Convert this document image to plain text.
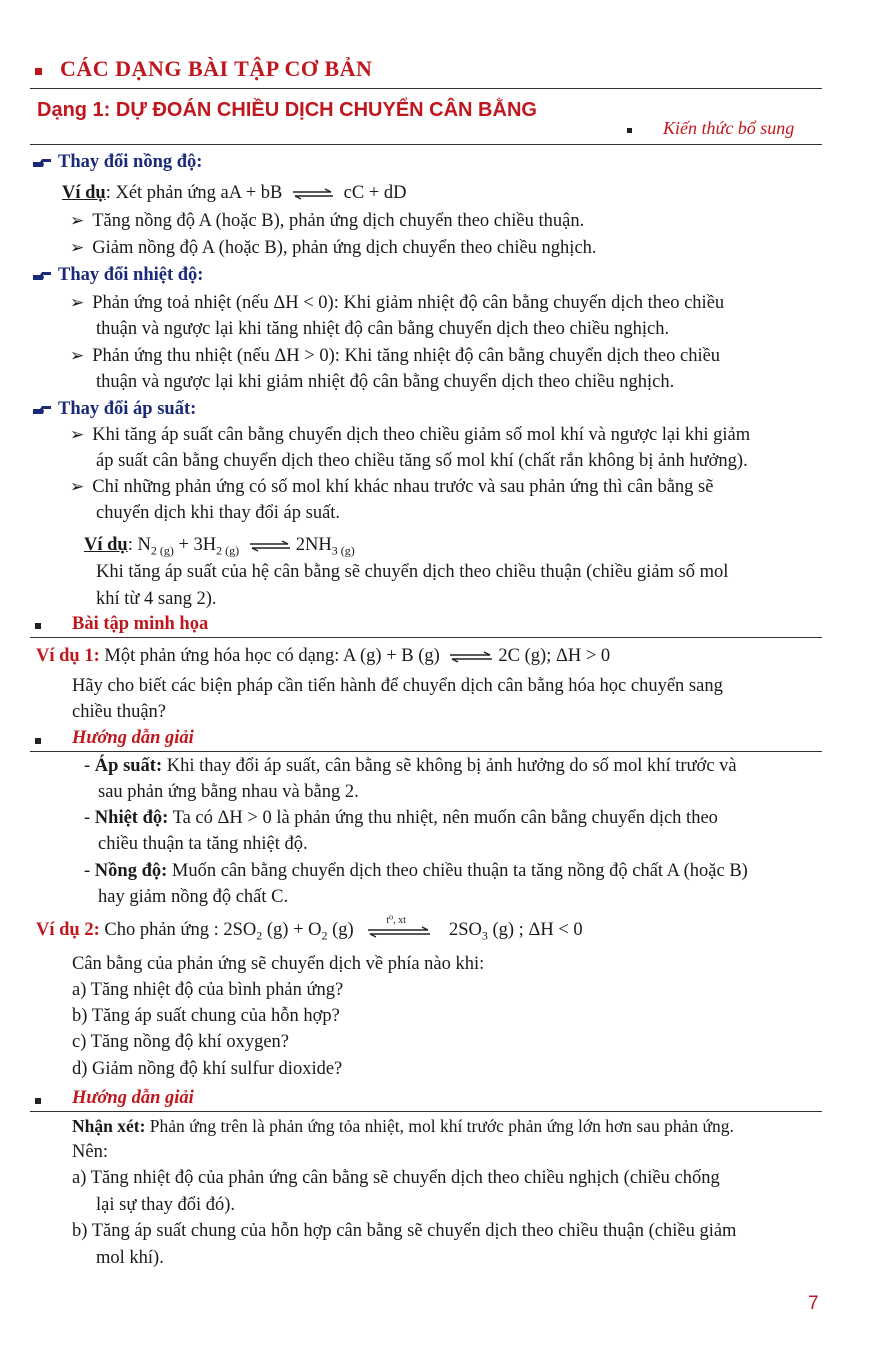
CÁC DẠNG BÀI TẬP CƠ BẢN
Dạng 1: DỰ ĐOÁN CHIỀU DỊCH CHUYỂN CÂN BẰNG
Kiến thức bổ sung
Thay đổi nồng độ:
Ví dụ: Xét phản ứng aA + bB ⇌ cC + dD
➢ Tăng nồng độ A (hoặc B), phản ứng dịch chuyển theo chiều thuận.
➢ Giảm nồng độ A (hoặc B), phản ứng dịch chuyển theo chiều nghịch.
Thay đổi nhiệt độ:
➢ Phản ứng toả nhiệt (nếu ΔH < 0): Khi giảm nhiệt độ cân bằng chuyển dịch theo chiều
thuận và ngược lại khi tăng nhiệt độ cân bằng chuyển dịch theo chiều nghịch.
➢ Phản ứng thu nhiệt (nếu ΔH > 0): Khi tăng nhiệt độ cân bằng chuyển dịch theo chiều
thuận và ngược lại khi giảm nhiệt độ cân bằng chuyển dịch theo chiều nghịch.
Thay đổi áp suất:
➢ Khi tăng áp suất cân bằng chuyển dịch theo chiều giảm số mol khí và ngược lại khi giảm
áp suất cân bằng chuyển dịch theo chiều tăng số mol khí (chất rắn không bị ảnh hưởng).
➢ Chỉ những phản ứng có số mol khí khác nhau trước và sau phản ứng thì cân bằng sẽ
chuyển dịch khi thay đổi áp suất.
Ví dụ: $N_{2 (g)} + 3H_{2 (g)}$ ⇌ $2NH_{3 (g)}$
Khi tăng áp suất của hệ cân bằng sẽ chuyển dịch theo chiều thuận (chiều giảm số mol
khí từ 4 sang 2).
Bài tập minh họa
Ví dụ 1: Một phản ứng hóa học có dạng: A (g) + B (g) ⇌ 2C (g); ΔH > 0
Hãy cho biết các biện pháp cần tiến hành để chuyển dịch cân bằng hóa học chuyển sang
chiều thuận?
Hướng dẫn giải
- Áp suất: Khi thay đổi áp suất, cân bằng sẽ không bị ảnh hưởng do số mol khí trước và
sau phản ứng bằng nhau và bằng 2.
- Nhiệt độ: Ta có ΔH > 0 là phản ứng thu nhiệt, nên muốn cân bằng chuyển dịch theo
chiều thuận ta tăng nhiệt độ.
- Nồng độ: Muốn cân bằng chuyển dịch theo chiều thuận ta tăng nồng độ chất A (hoặc B)
hay giảm nồng độ chất C.
Ví dụ 2: Cho phản ứng : $2SO_2$ $(g) + O_2$ (g)	t⁰, xt $2SO_3$ (g) ; ΔH < 0
Cân bằng của phản ứng sẽ chuyển dịch về phía nào khi:
a) Tăng nhiệt độ của bình phản ứng?
b) Tăng áp suất chung của hỗn hợp?
c) Tăng nồng độ khí oxygen?
d) Giảm nồng độ khí sulfur dioxide?
Hướng dẫn giải
Nhận xét: Phản ứng trên là phản ứng tỏa nhiệt, mol khí trước phản ứng lớn hơn sau phản ứng.
Nên:
a) Tăng nhiệt độ của phản ứng cân bằng sẽ chuyển dịch theo chiều nghịch (chiều chống
lại sự thay đổi đó).
b) Tăng áp suất chung của hỗn hợp cân bằng sẽ chuyển dịch theo chiều thuận (chiều giảm
mol khí).
7
